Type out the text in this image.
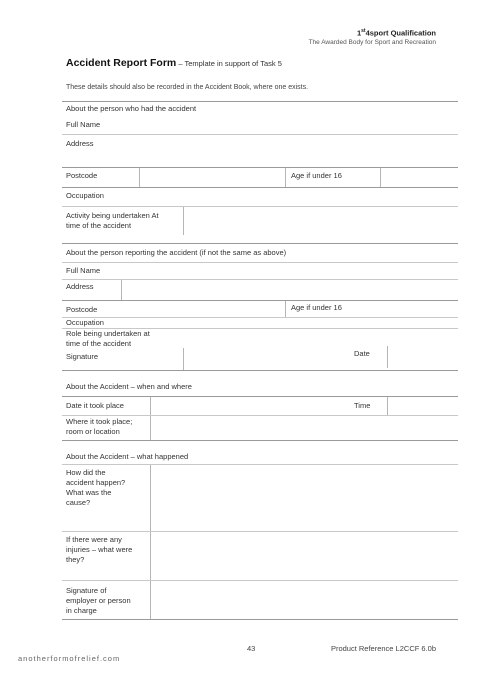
1st4sport Qualification
The Awarded Body for Sport and Recreation
Accident Report Form – Template in support of Task 5
These details should also be recorded in the Accident Book, where one exists.
About the person who had the accident
Full Name
Address
Postcode	Age if under 16
Occupation
Activity being undertaken At
time of the accident
About the person reporting the accident (if not the same as above)
Full Name
Address
Postcode	Age if under 16
Occupation
Role being undertaken at
time of the accident
Signature	Date
About the Accident – when and where
Date it took place	Time
Where it took place;
room or location
About the Accident – what happened
How did the
accident happen?
What was the
cause?
If there were any
injuries – what were
they?
Signature of
employer or person
in charge
43	Product Reference L2CCF 6.0b
anotherformofrelief.com
